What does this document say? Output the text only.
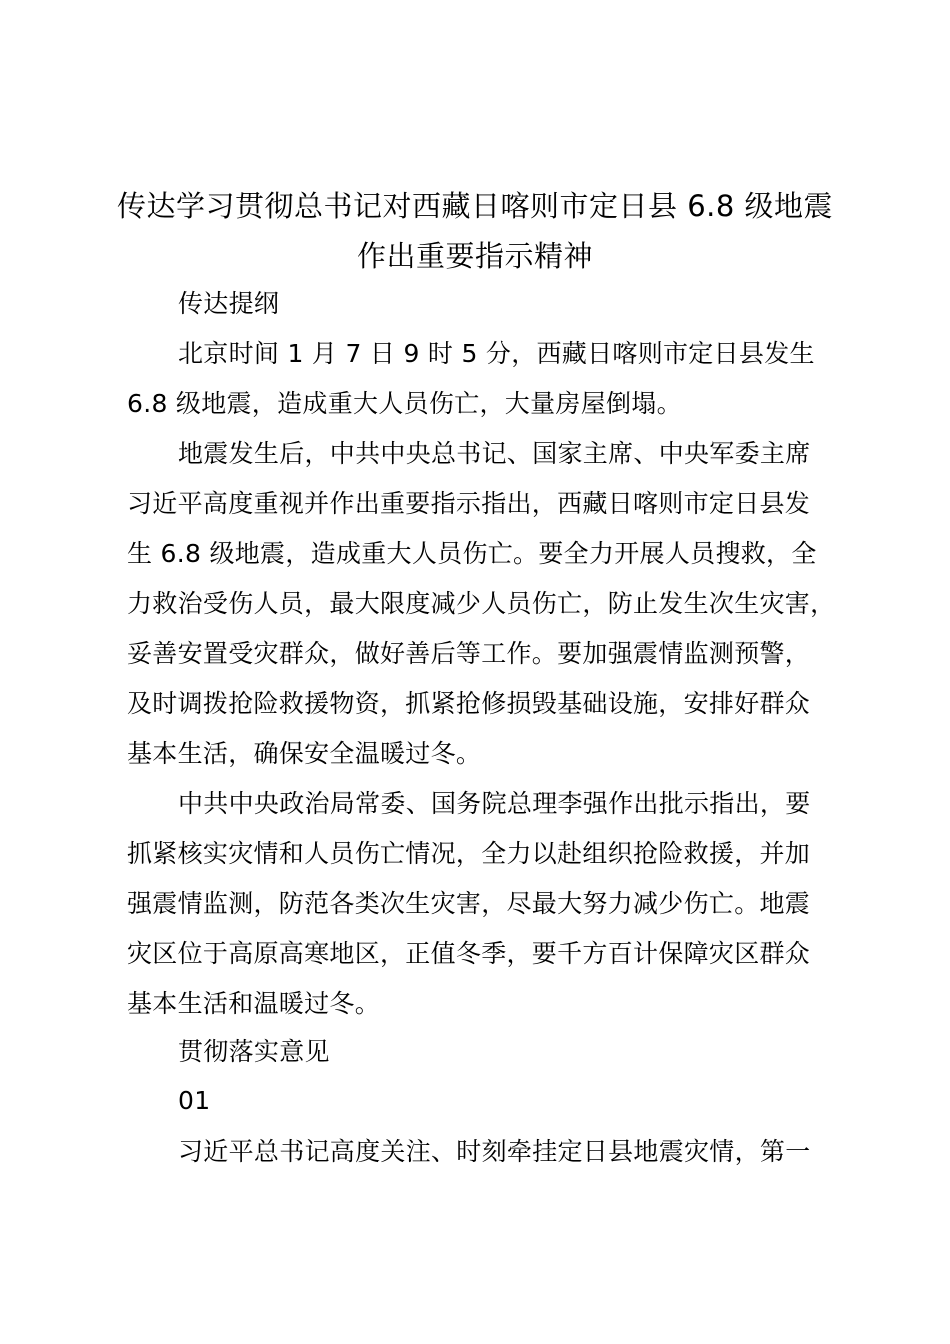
传达学习贯彻总书记对西藏日喀则市定日县 6.8 级地震
作出重要指示精神
传达提纲
北京时间 1 月 7 日 9 时 5 分，西藏日喀则市定日县发生
6.8 级地震，造成重大人员伤亡，大量房屋倒塌。
地震发生后，中共中央总书记、国家主席、中央军委主席
习近平高度重视并作出重要指示指出，西藏日喀则市定日县发
生 6.8 级地震，造成重大人员伤亡。要全力开展人员搜救，全
力救治受伤人员，最大限度减少人员伤亡，防止发生次生灾害，
妥善安置受灾群众，做好善后等工作。要加强震情监测预警，
及时调拨抢险救援物资，抓紧抢修损毁基础设施，安排好群众
基本生活，确保安全温暖过冬。
中共中央政治局常委、国务院总理李强作出批示指出，要
抓紧核实灾情和人员伤亡情况，全力以赴组织抢险救援，并加
强震情监测，防范各类次生灾害，尽最大努力减少伤亡。地震
灾区位于高原高寒地区，正值冬季，要千方百计保障灾区群众
基本生活和温暖过冬。
贯彻落实意见
01
习近平总书记高度关注、时刻牵挂定日县地震灾情，第一
